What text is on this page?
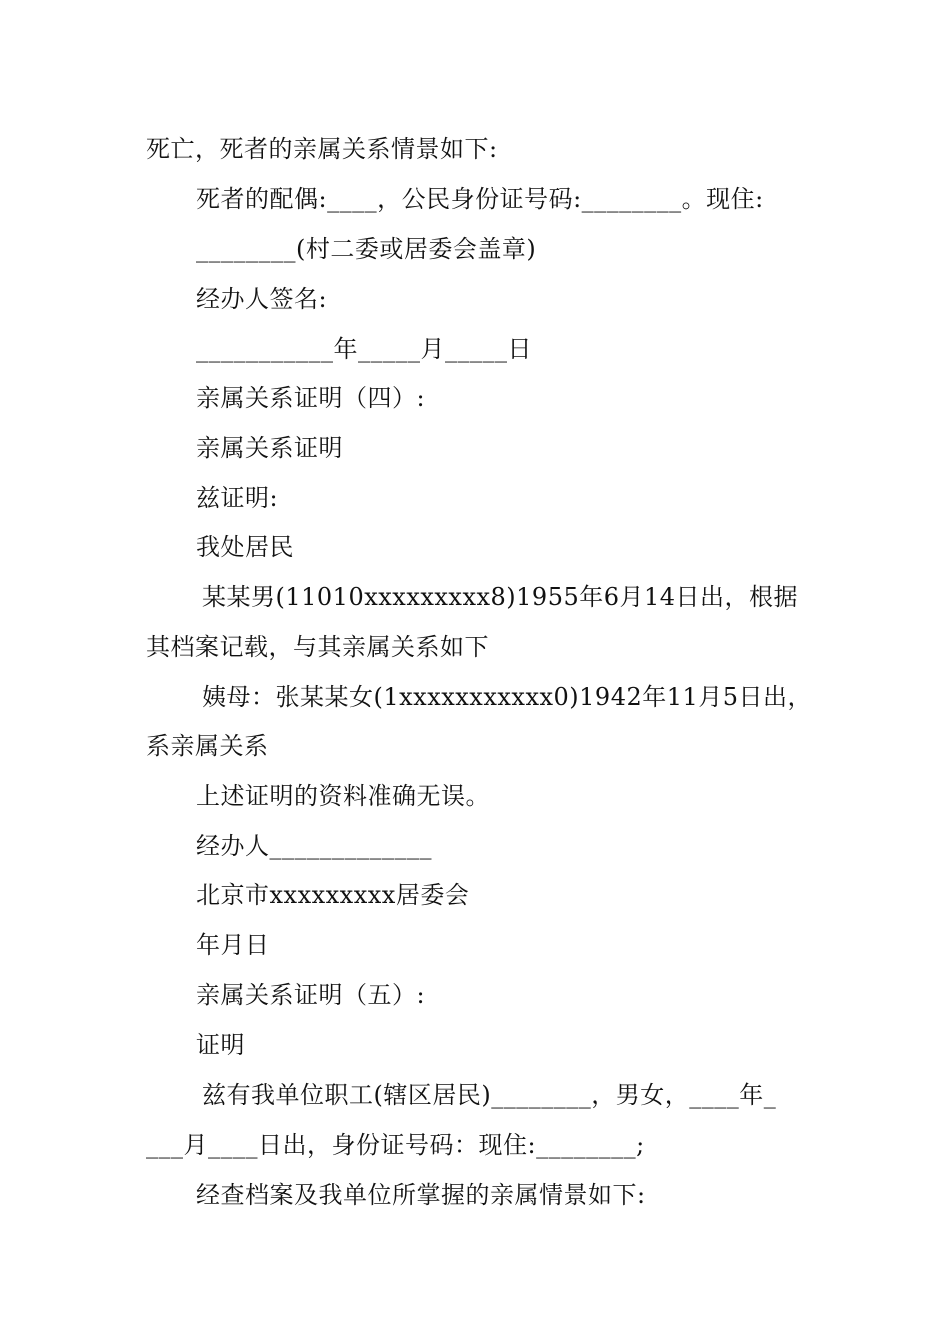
死亡，死者的亲属关系情景如下:
死者的配偶:____，公民身份证号码:________。现住:
________(村二委或居委会盖章)
经办人签名:
___________年_____月_____日
亲属关系证明（四）:
亲属关系证明
兹证明:
我处居民
某某男(11010xxxxxxxxx8)1955年6月14日出，根据
其档案记载，与其亲属关系如下
姨母：张某某女(1xxxxxxxxxxx0)1942年11月5日出，
系亲属关系
上述证明的资料准确无误。
经办人_____________
北京市xxxxxxxxx居委会
年月日
亲属关系证明（五）:
证明
兹有我单位职工(辖区居民)________，男女，____年_
___月____日出，身份证号码：现住:________;
经查档案及我单位所掌握的亲属情景如下:
